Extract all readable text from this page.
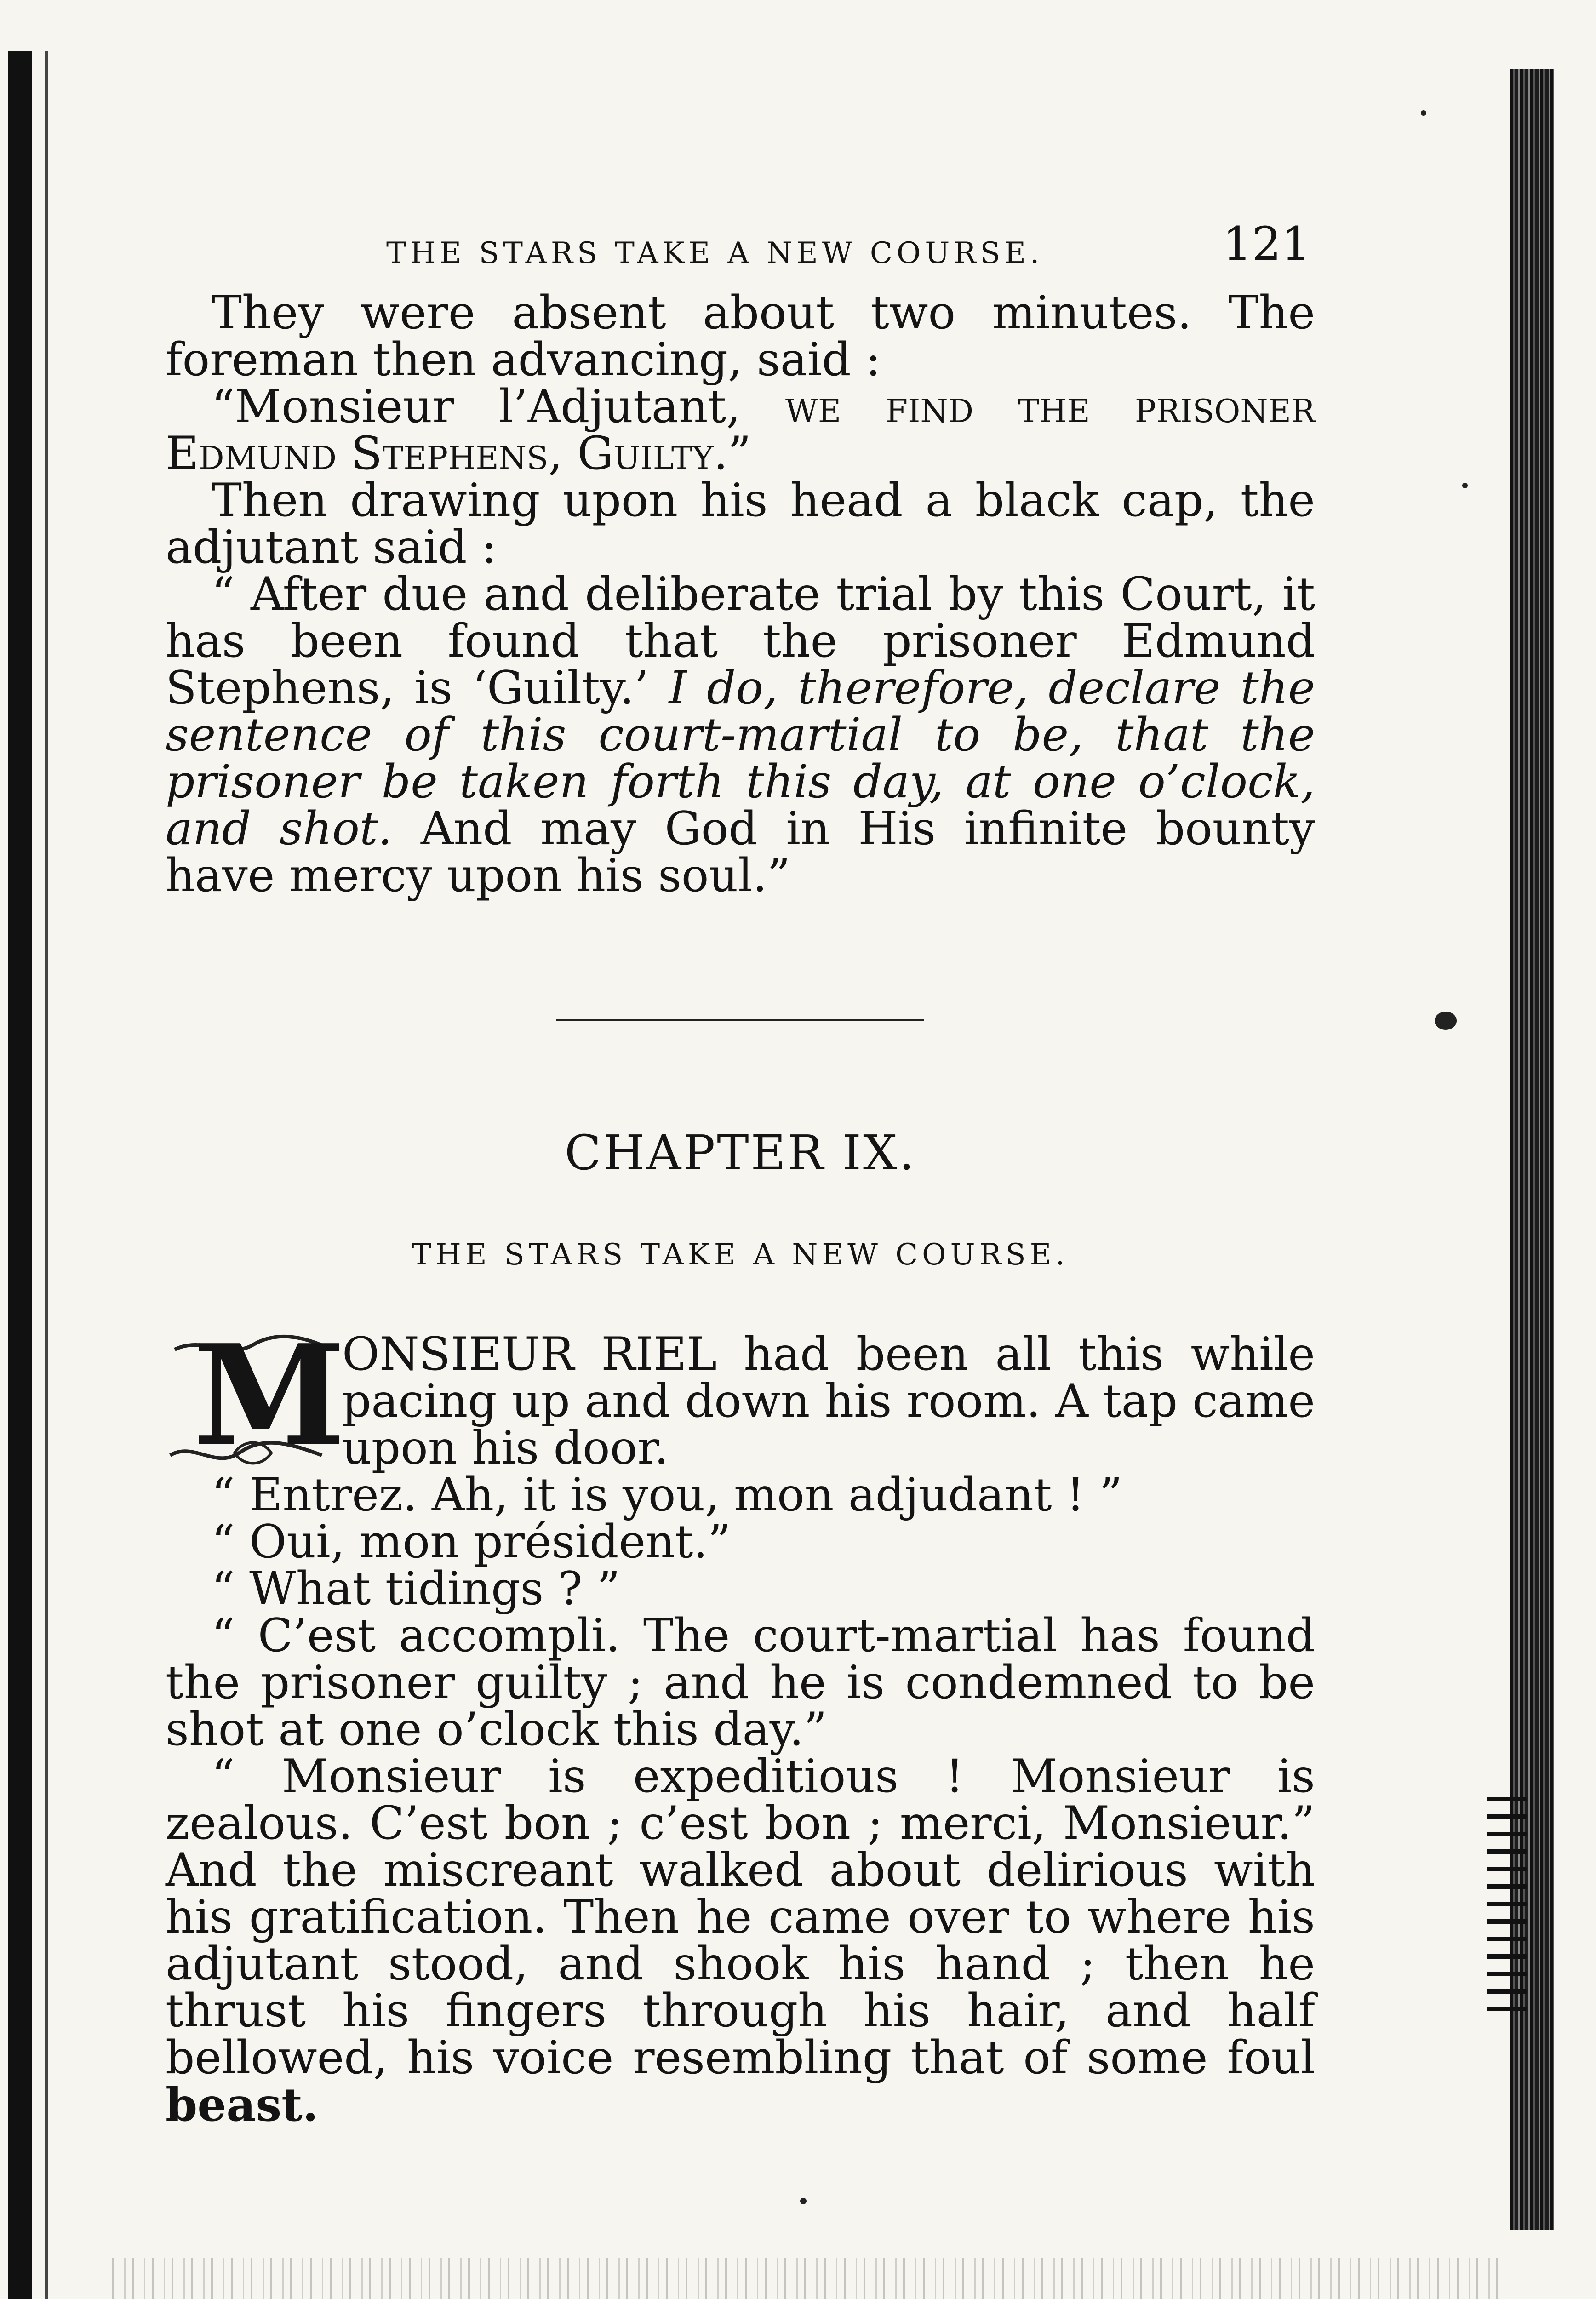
THE STARS TAKE A NEW COURSE.	121

They were absent about two minutes. The foreman then advancing, said :

“Monsieur l’Adjutant, we find the prisoner Edmund Stephens, Guilty.”

Then drawing upon his head a black cap, the adjutant said :

“ After due and deliberate trial by this Court, it has been found that the prisoner Edmund Stephens, is ‘Guilty.’ I do, therefore, declare the sentence of this court-martial to be, that the prisoner be taken forth this day, at one o’clock, and shot. And may God in His infinite bounty have mercy upon his soul.”

CHAPTER IX.
THE STARS TAKE A NEW COURSE.
M

ONSIEUR RIEL had been all this while pacing up and down his room. A tap came upon his door.

“ Entrez. Ah, it is you, mon adjudant ! ”

“ Oui, mon président.”

“ What tidings ? ”

“ C’est accompli. The court-martial has found the prisoner guilty ; and he is condemned to be shot at one o’clock this day.”

“ Monsieur is expeditious ! Monsieur is zealous. C’est bon ; c’est bon ; merci, Monsieur.” And the miscreant walked about delirious with his gratification. Then he came over to where his adjutant stood, and shook his hand ; then he thrust his fingers through his hair, and half bellowed, his voice resembling that of some foul beast.
